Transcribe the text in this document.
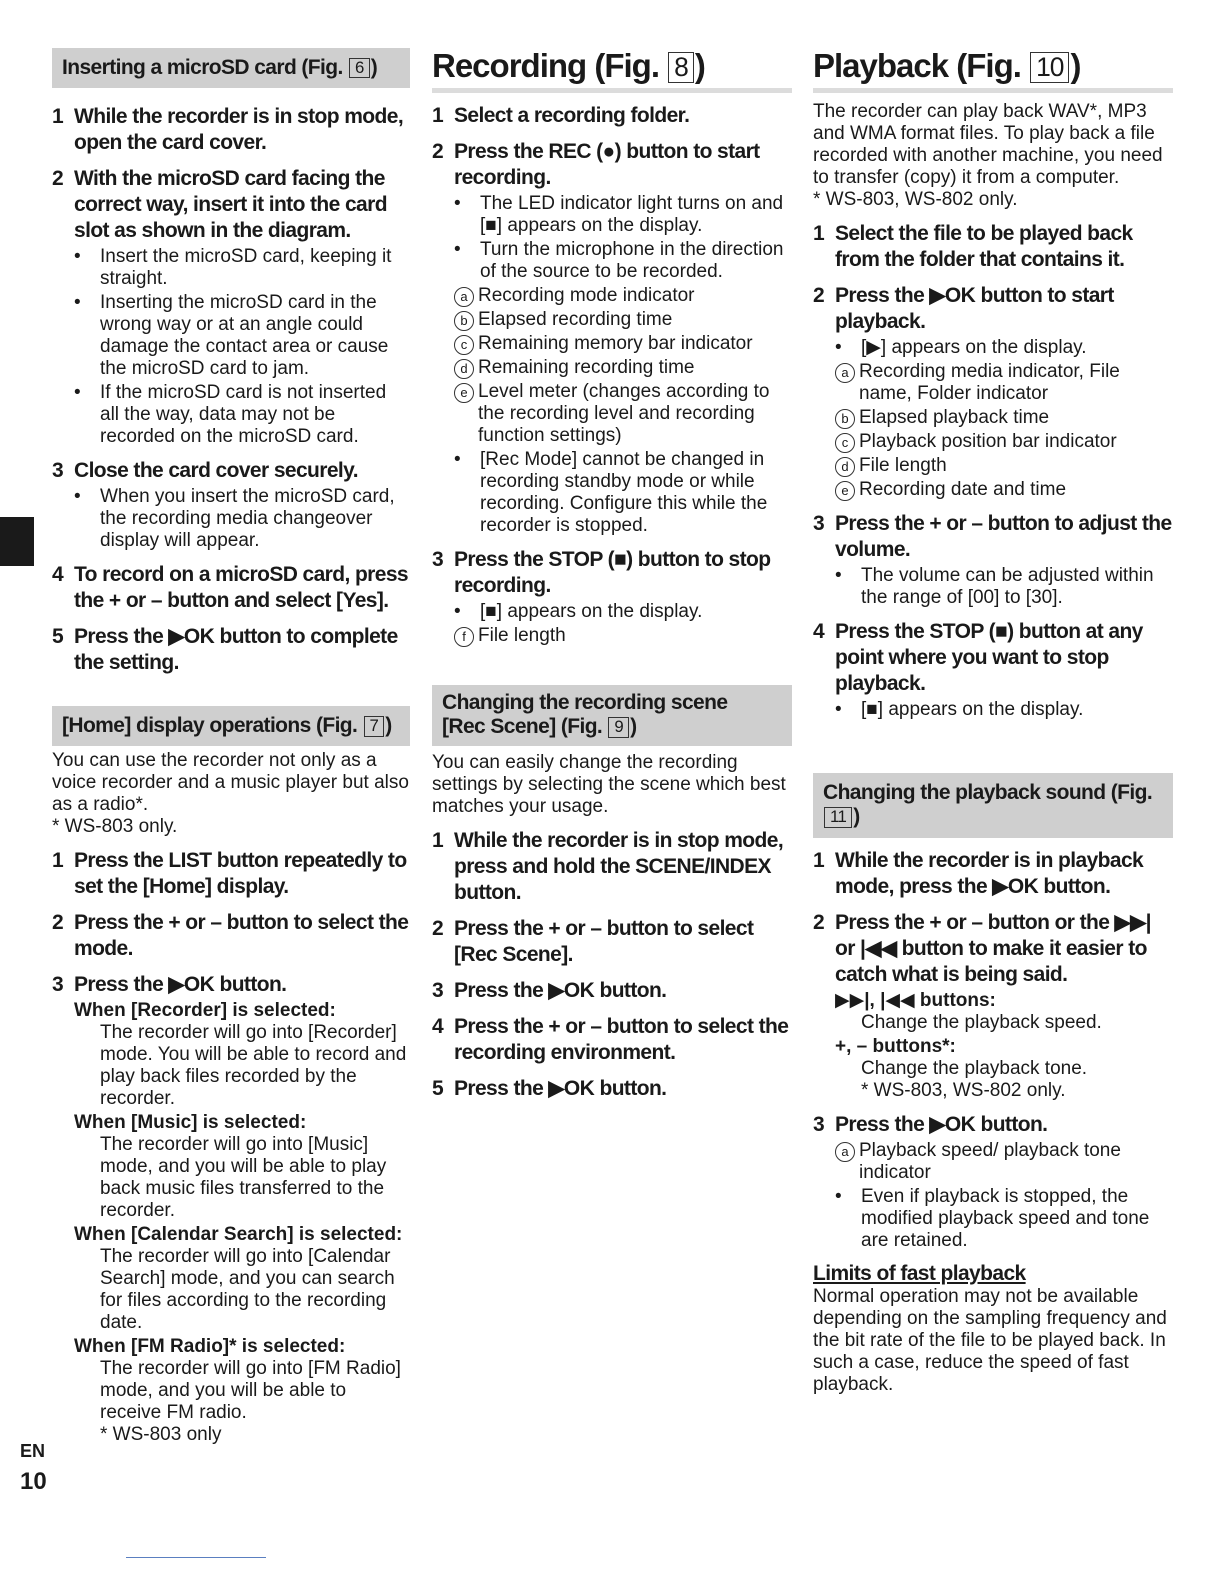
Inserting a microSD card (Fig. 6 )
1 While the recorder is in stop mode, open the card cover.
2 With the microSD card facing the correct way, insert it into the card slot as shown in the diagram.
•	Insert the microSD card, keeping it straight.
•	Inserting the microSD card in the wrong way or at an angle could damage the contact area or cause the microSD card to jam.
•	If the microSD card is not inserted all the way, data may not be recorded on the microSD card.
3 Close the card cover securely.
•	When you insert the microSD card, the recording media changeover display will appear.
4 To record on a microSD card, press the + or – button and select [Yes].
5 Press the ▶OK button to complete the setting.
[Home] display operations (Fig. 7 )
You can use the recorder not only as a voice recorder and a music player but also as a radio*.
* WS-803 only.
1 Press the LIST button repeatedly to set the [Home] display.
2 Press the + or – button to select the mode.
3 Press the ▶OK button.
When [Recorder] is selected:
The recorder will go into [Recorder] mode. You will be able to record and play back files recorded by the recorder.
When [Music] is selected:
The recorder will go into [Music] mode, and you will be able to play back music files transferred to the recorder.
When [Calendar Search] is selected:
The recorder will go into [Calendar Search] mode, and you can search for files according to the recording date.
When [FM Radio]* is selected:
The recorder will go into [FM Radio] mode, and you will be able to receive FM radio.
* WS-803 only
Recording (Fig. 8 )
1 Select a recording folder.
2 Press the REC (●) button to start recording.
•	The LED indicator light turns on and [■] appears on the display.
•	Turn the microphone in the direction of the source to be recorded.
a Recording mode indicator
b Elapsed recording time
c Remaining memory bar indicator
d Remaining recording time
e Level meter (changes according to the recording level and recording function settings)
•	[Rec Mode] cannot be changed in recording standby mode or while recording. Configure this while the recorder is stopped.
3 Press the STOP (■) button to stop recording.
•	[■] appears on the display.
f File length
Changing the recording scene
[Rec Scene] (Fig. 9 )
You can easily change the recording settings by selecting the scene which best matches your usage.
1 While the recorder is in stop mode, press and hold the SCENE/INDEX button.
2 Press the + or – button to select [Rec Scene].
3 Press the ▶OK button.
4 Press the + or – button to select the recording environment.
5 Press the ▶OK button.
Playback (Fig. 10 )
The recorder can play back WAV*, MP3 and WMA format files. To play back a file recorded with another machine, you need to transfer (copy) it from a computer.
* WS-803, WS-802 only.
1 Select the file to be played back from the folder that contains it.
2 Press the ▶OK button to start playback.
•	[▶] appears on the display.
a Recording media indicator, File name, Folder indicator
b Elapsed playback time
c Playback position bar indicator
d File length
e Recording date and time
3 Press the + or – button to adjust the volume.
•	The volume can be adjusted within the range of [00] to [30].
4 Press the STOP (■) button at any point where you want to stop playback.
•	[■] appears on the display.
Changing the playback sound (Fig. 11 )
1 While the recorder is in playback mode, press the ▶OK button.
2 Press the + or – button or the ▶▶| or |◀◀ button to make it easier to catch what is being said.
▶▶|, |◀◀ buttons:
Change the playback speed.
+, – buttons*:
Change the playback tone.
* WS-803, WS-802 only.
3 Press the ▶OK button.
a Playback speed/ playback tone indicator
•	Even if playback is stopped, the modified playback speed and tone are retained.
Limits of fast playback
Normal operation may not be available depending on the sampling frequency and the bit rate of the file to be played back. In such a case, reduce the speed of fast playback.
EN
10
